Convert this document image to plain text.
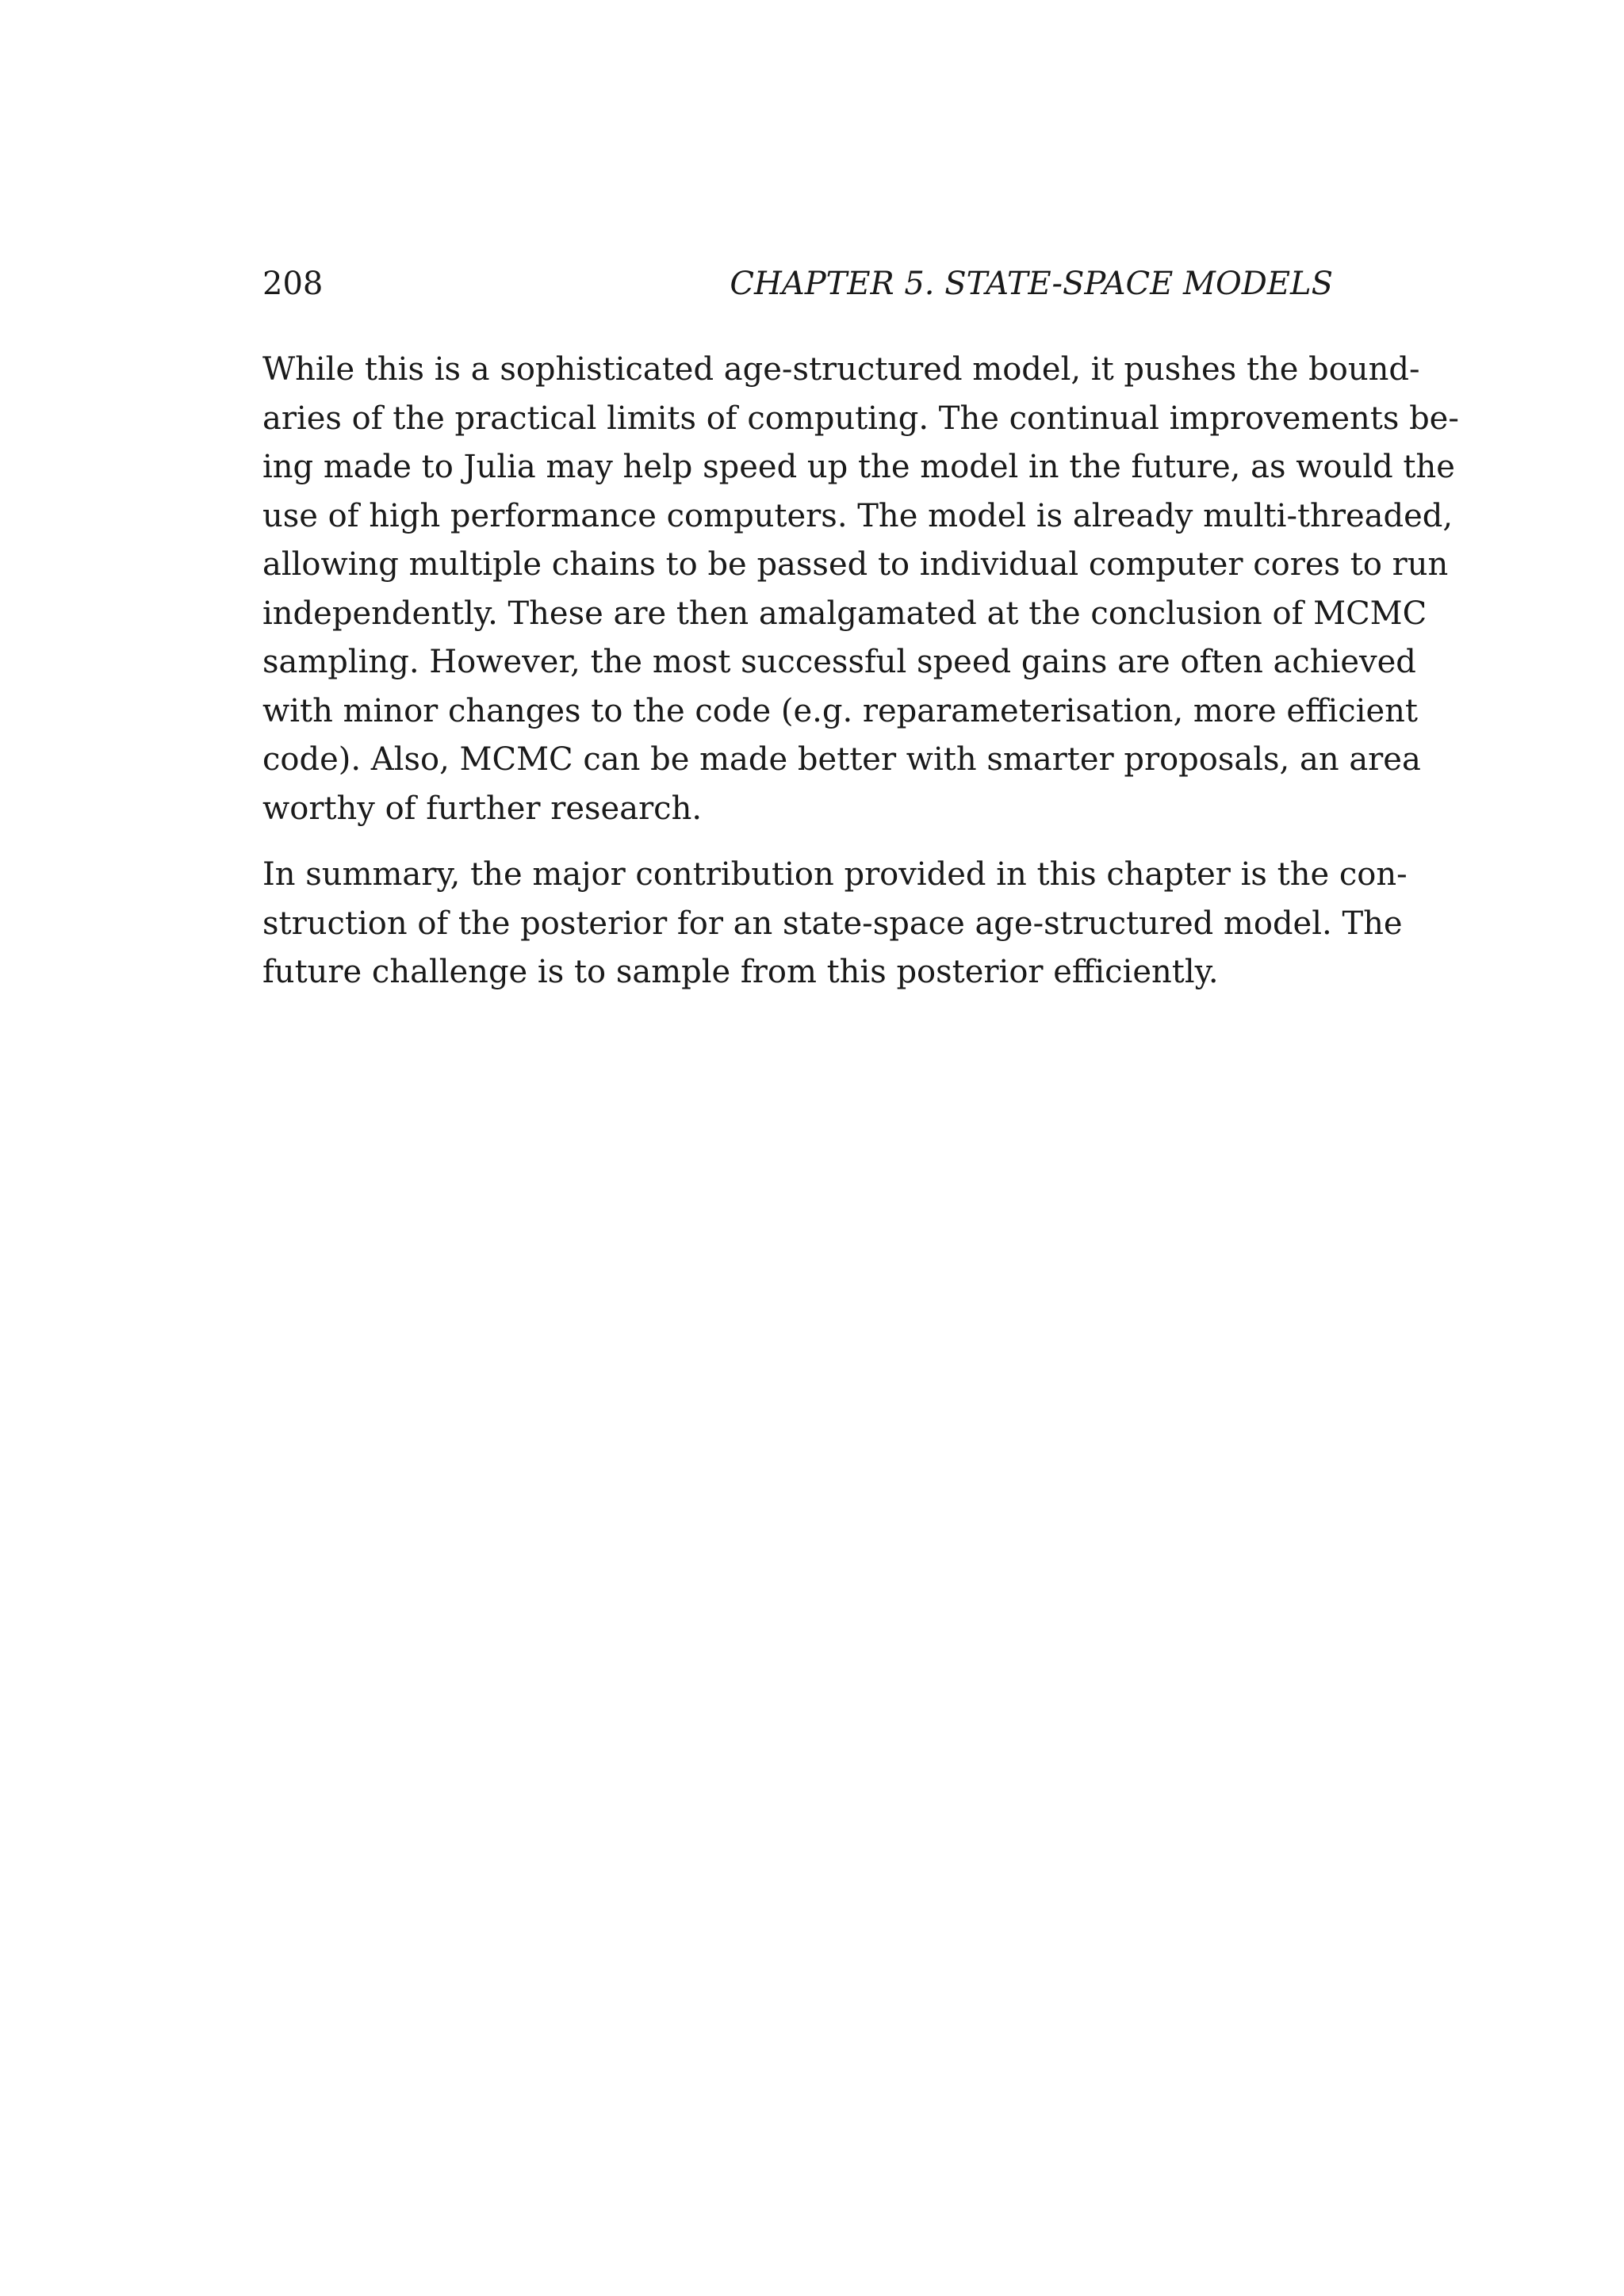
208	CHAPTER 5. STATE-SPACE MODELS

While this is a sophisticated age-structured model, it pushes the bound-
aries of the practical limits of computing. The continual improvements be-
ing made to Julia may help speed up the model in the future, as would the
use of high performance computers. The model is already multi-threaded,
allowing multiple chains to be passed to individual computer cores to run
independently. These are then amalgamated at the conclusion of MCMC
sampling. However, the most successful speed gains are often achieved
with minor changes to the code (e.g. reparameterisation, more efficient
code). Also, MCMC can be made better with smarter proposals, an area
worthy of further research.

In summary, the major contribution provided in this chapter is the con-
struction of the posterior for an state-space age-structured model. The
future challenge is to sample from this posterior efficiently.
